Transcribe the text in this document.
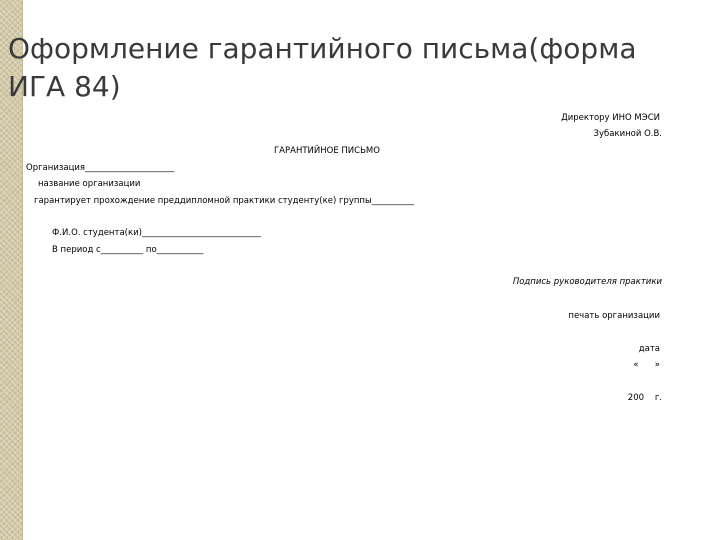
Оформление гарантийного письма(форма
ИГА 84)
Директору ИНО МЭСИ
Зубакиной О.В.
ГАРАНТИЙНОЕ ПИСЬМО
Организация_____________________
название организации
гарантирует прохождение преддипломной практики студенту(ке) группы__________
Ф.И.О. студента(ки)____________________________
В период с__________ по___________
Подпись руководителя практики
печать организации
дата
«      »
200    г.
